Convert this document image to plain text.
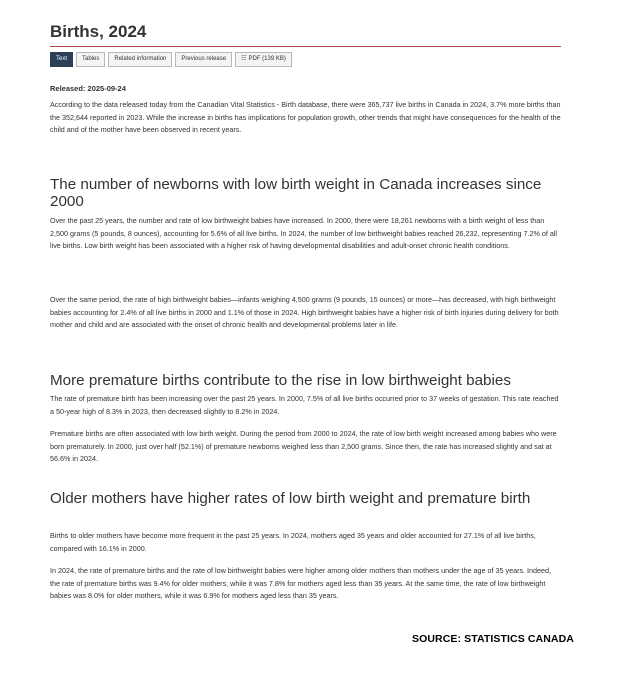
Births, 2024
Text	Tables	Related information	Previous release	☷ PDF (139 KB)
Released: 2025-09-24

According to the data released today from the Canadian Vital Statistics - Birth database, there were 365,737 live births in Canada in 2024, 3.7% more births than the 352,644 reported in 2023. While the increase in births has implications for population growth, other trends that might have consequences for the health of the child and of the mother have been observed in recent years.

The number of newborns with low birth weight in Canada increases since 2000

Over the past 25 years, the number and rate of low birthweight babies have increased. In 2000, there were 18,261 newborns with a birth weight of less than 2,500 grams (5 pounds, 8 ounces), accounting for 5.6% of all live births. In 2024, the number of low birthweight babies reached 26,232, representing 7.2% of all live births. Low birth weight has been associated with a higher risk of having developmental disabilities and adult-onset chronic health conditions.

Over the same period, the rate of high birthweight babies—infants weighing 4,500 grams (9 pounds, 15 ounces) or more—has decreased, with high birthweight babies accounting for 2.4% of all live births in 2000 and 1.1% of those in 2024. High birthweight babies have a higher risk of birth injuries during delivery for both mother and child and are associated with the onset of chronic health and developmental problems later in life.

More premature births contribute to the rise in low birthweight babies

The rate of premature birth has been increasing over the past 25 years. In 2000, 7.5% of all live births occurred prior to 37 weeks of gestation. This rate reached a 50-year high of 8.3% in 2023, then decreased slightly to 8.2% in 2024.

Premature births are often associated with low birth weight. During the period from 2000 to 2024, the rate of low birth weight increased among babies who were born prematurely. In 2000, just over half (52.1%) of premature newborns weighed less than 2,500 grams. Since then, the rate has increased slightly and sat at 56.6% in 2024.

Older mothers have higher rates of low birth weight and premature birth

Births to older mothers have become more frequent in the past 25 years. In 2024, mothers aged 35 years and older accounted for 27.1% of all live births, compared with 16.1% in 2000.

In 2024, the rate of premature births and the rate of low birthweight babies were higher among older mothers than mothers under the age of 35 years. Indeed, the rate of premature births was 9.4% for older mothers, while it was 7.8% for mothers aged less than 35 years. At the same time, the rate of low birthweight babies was 8.0% for older mothers, while it was 6.9% for mothers aged less than 35 years.

SOURCE: STATISTICS CANADA
